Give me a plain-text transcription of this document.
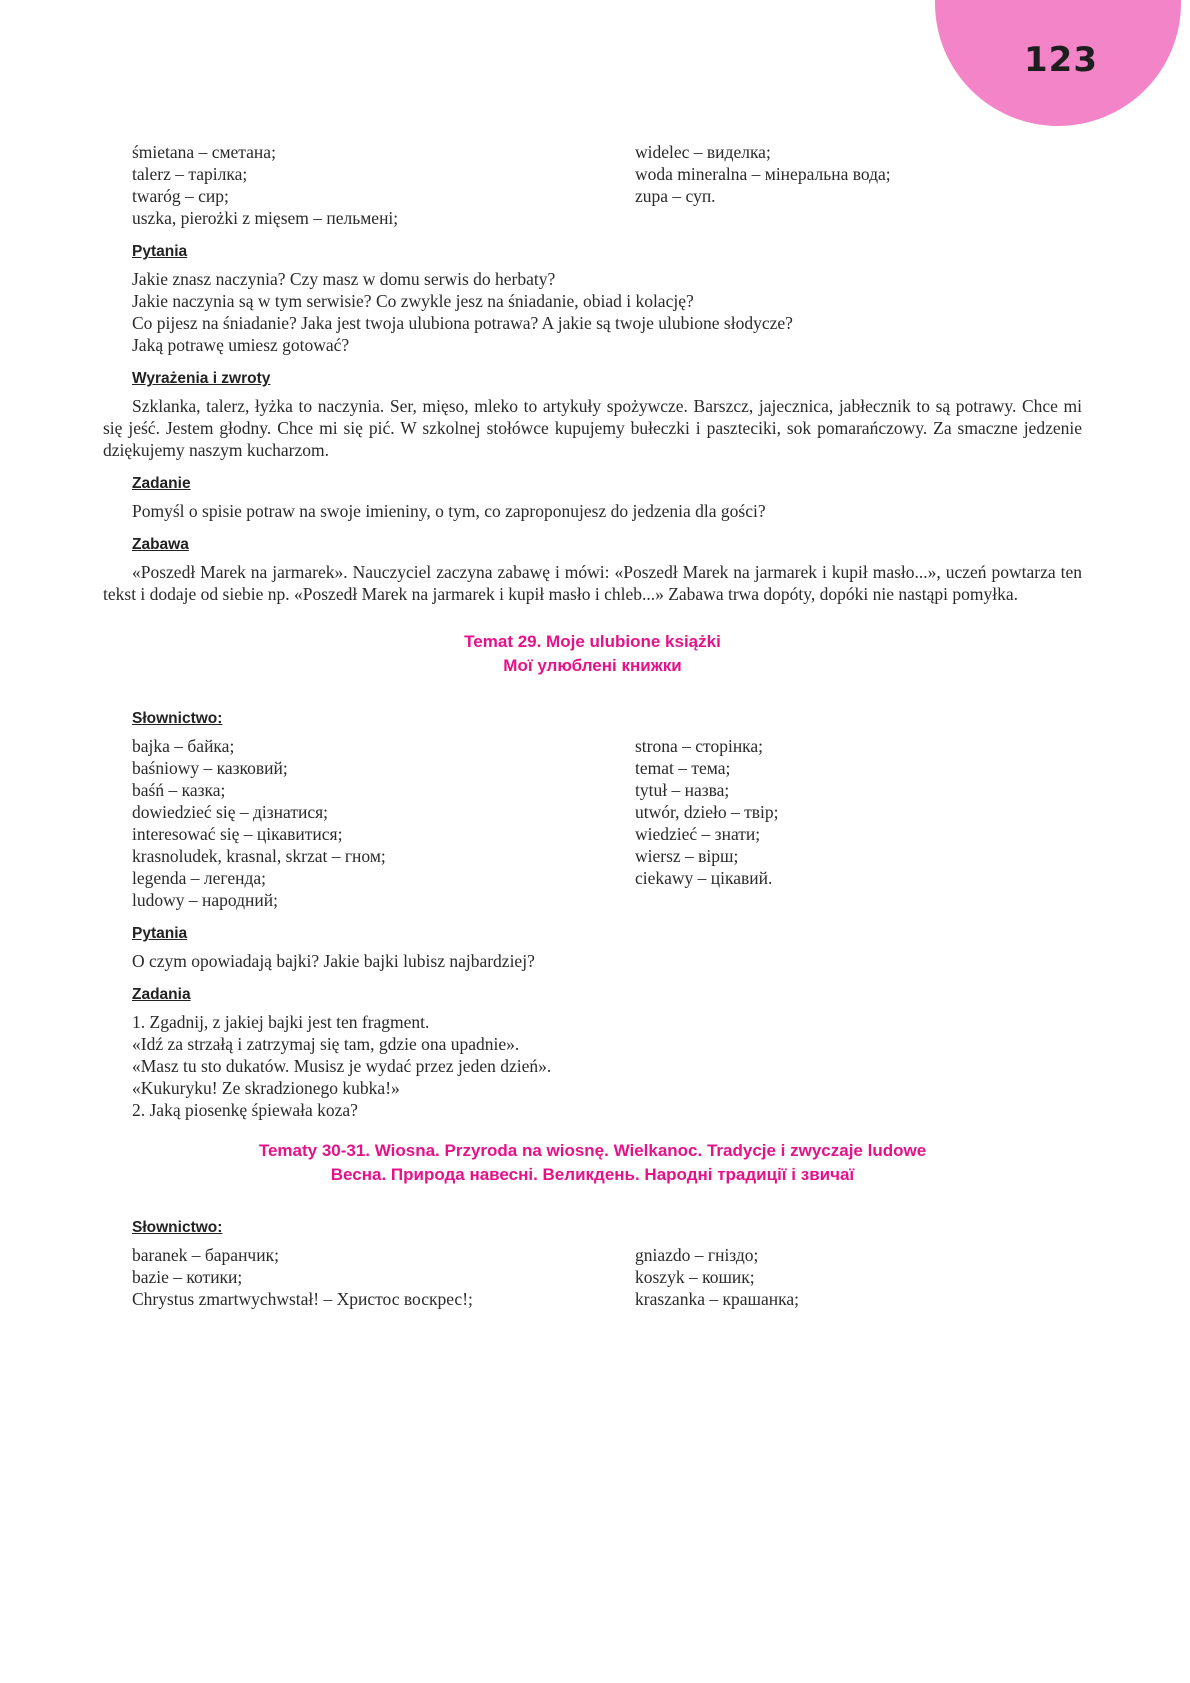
123
śmietana – сметана;
talerz – тарілка;
twaróg – сир;
uszka, pierożki z mięsem – пельмені;
widelec – виделка;
woda mineralna – мінеральна вода;
zupa – суп.
Pytania
Jakie znasz naczynia? Czy masz w domu serwis do herbaty?
Jakie naczynia są w tym serwisie? Co zwykle jesz na śniadanie, obiad i kolację?
Co pijesz na śniadanie? Jaka jest twoja ulubiona potrawa? A jakie są twoje ulubione słodycze?
Jaką potrawę umiesz gotować?
Wyrażenia i zwroty
Szklanka, talerz, łyżka to naczynia. Ser, mięso, mleko to artykuły spożywcze. Barszcz, jajecznica, jabłecznik to są potrawy. Chce mi się jeść. Jestem głodny. Chce mi się pić. W szkolnej stołówce kupujemy bułeczki i paszteciki, sok pomarańczowy. Za smaczne jedzenie dziękujemy naszym kucharzom.
Zadanie
Pomyśl o spisie potraw na swoje imieniny, o tym, co zaproponujesz do jedzenia dla gości?
Zabawa
«Poszedł Marek na jarmarek». Nauczyciel zaczyna zabawę i mówi: «Poszedł Marek na jarmarek i kupił masło...», uczeń powtarza ten tekst i dodaje od siebie np. «Poszedł Marek na jarmarek i kupił masło i chleb...» Zabawa trwa dopóty, dopóki nie nastąpi pomyłka.
Temat 29. Moje ulubione książki
Мої улюблені книжки
Słownictwo:
bajka – байка;
baśniowy – казковий;
baśń – казка;
dowiedzieć się – дізнатися;
interesować się – цікавитися;
krasnoludek, krasnal, skrzat – гном;
legenda – легенда;
ludowy – народний;
strona – сторінка;
temat – тема;
tytuł – назва;
utwór, dzieło – твір;
wiedzieć – знати;
wiersz – вірш;
ciekawy – цікавий.
Pytania
O czym opowiadają bajki? Jakie bajki lubisz najbardziej?
Zadania
1. Zgadnij, z jakiej bajki jest ten fragment.
«Idź za strzałą i zatrzymaj się tam, gdzie ona upadnie».
«Masz tu sto dukatów. Musisz je wydać przez jeden dzień».
«Kukuryku! Ze skradzionego kubka!»
2. Jaką piosenkę śpiewała koza?
Tematy 30-31. Wiosna. Przyroda na wiosnę. Wielkanoc. Tradycje i zwyczaje ludowe
Весна. Природа навесні. Великдень. Народні традиції і звичаї
Słownictwo:
baranek – баранчик;
bazie – котики;
Chrystus zmartwychwstał! – Христос воскрес!;
gniazdo – гніздо;
koszyk – кошик;
kraszanka – крашанка;
